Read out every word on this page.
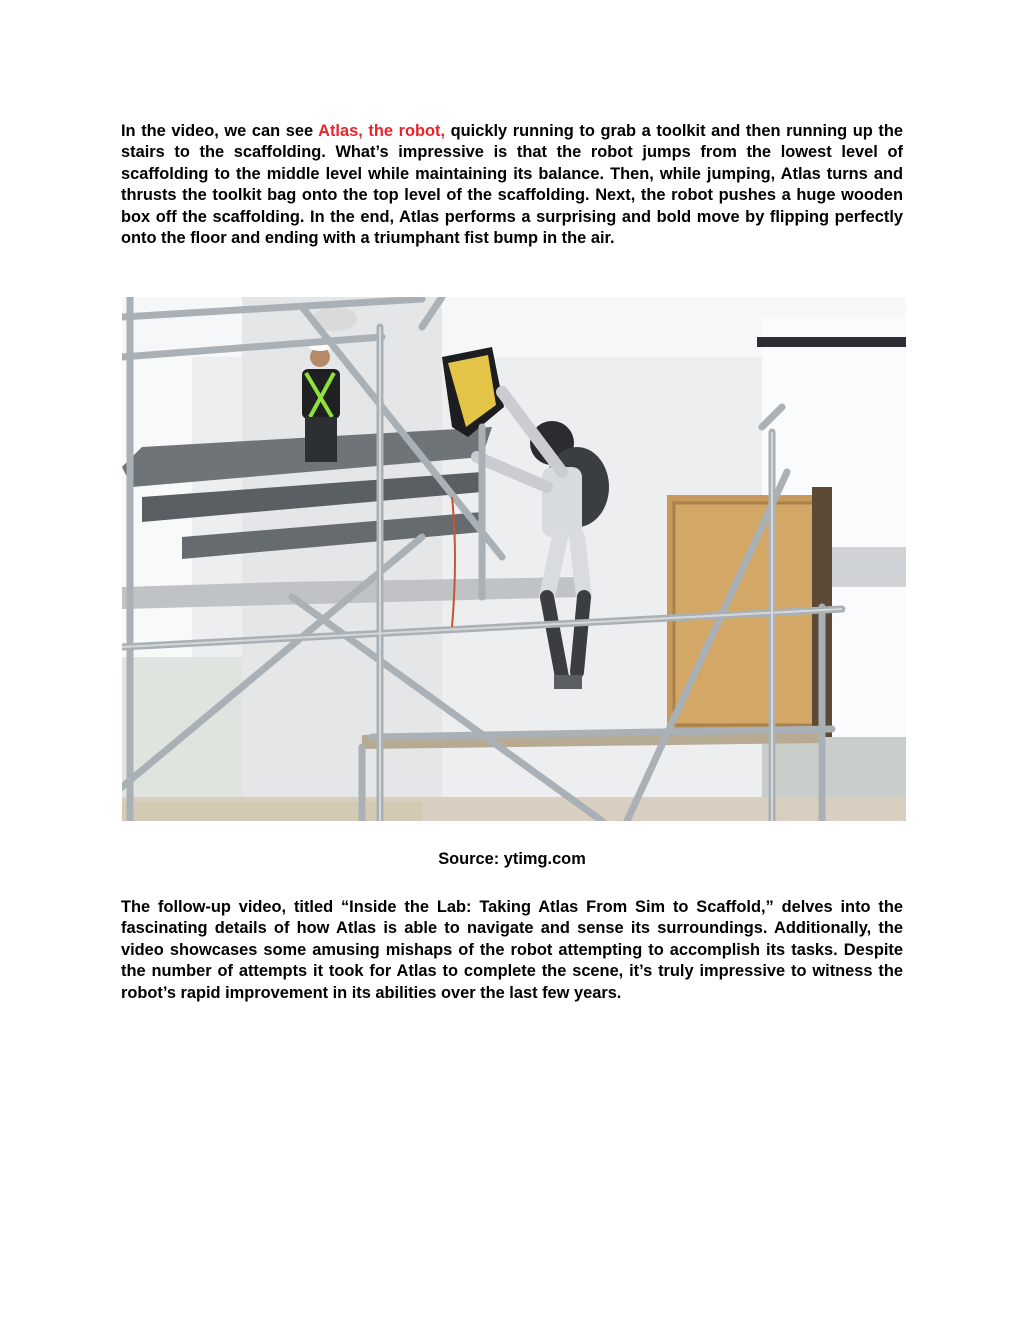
In the video, we can see Atlas, the robot, quickly running to grab a toolkit and then running up the stairs to the scaffolding. What’s impressive is that the robot jumps from the lowest level of scaffolding to the middle level while maintaining its balance. Then, while jumping, Atlas turns and thrusts the toolkit bag onto the top level of the scaffolding. Next, the robot pushes a huge wooden box off the scaffolding. In the end, Atlas performs a surprising and bold move by flipping perfectly onto the floor and ending with a triumphant fist bump in the air.

Source: ytimg.com

The follow-up video, titled “Inside the Lab: Taking Atlas From Sim to Scaffold,” delves into the fascinating details of how Atlas is able to navigate and sense its surroundings. Additionally, the video showcases some amusing mishaps of the robot attempting to accomplish its tasks. Despite the number of attempts it took for Atlas to complete the scene, it’s truly impressive to witness the robot’s rapid improvement in its abilities over the last few years.
